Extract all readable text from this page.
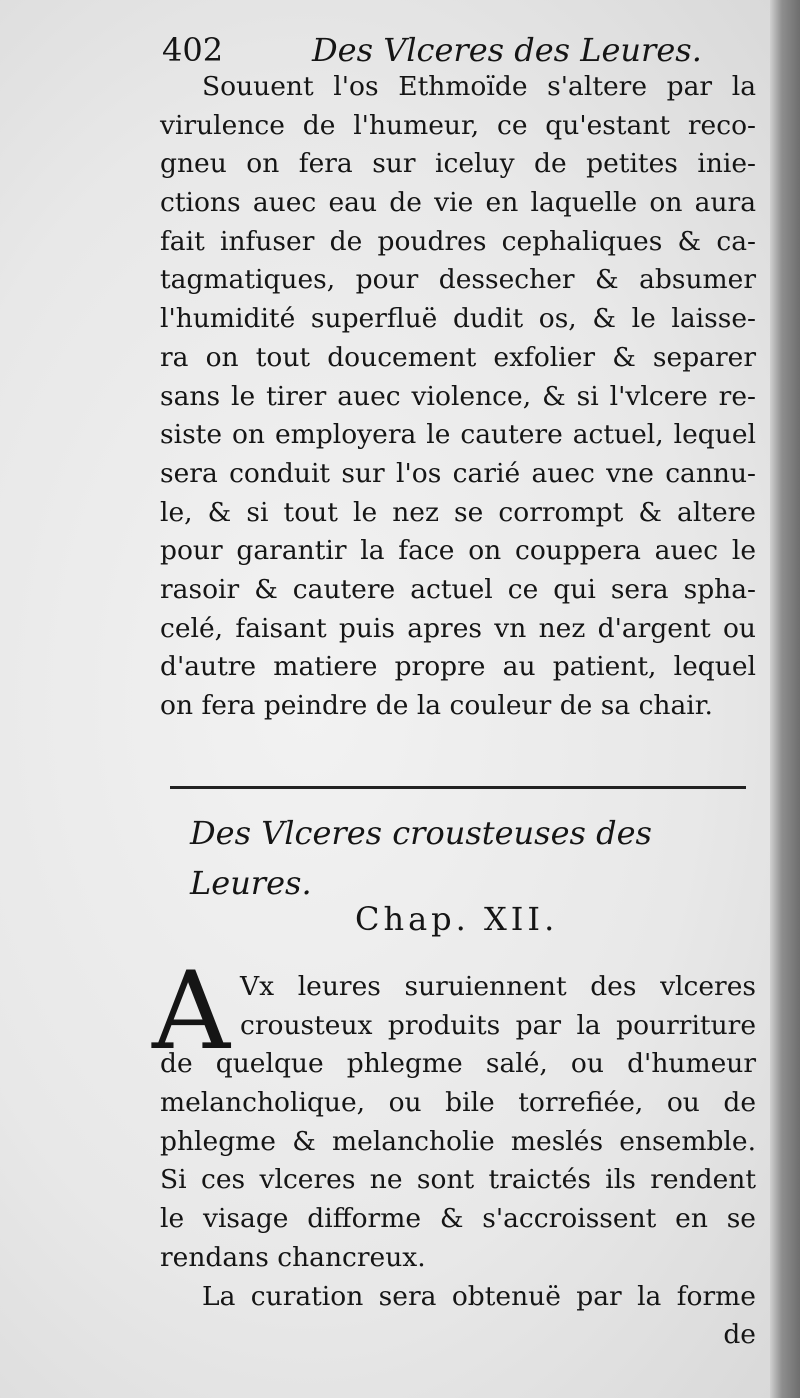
402	Des Vlceres des Leures.
Souuent l'os Ethmoïde s'altere par la
virulence de l'humeur, ce qu'estant reco-
gneu on fera sur iceluy de petites inie-
ctions auec eau de vie en laquelle on aura
fait infuser de poudres cephaliques & ca-
tagmatiques, pour dessecher & absumer
l'humidité superfluë dudit os, & le laisse-
ra on tout doucement exfolier & separer
sans le tirer auec violence, & si l'vlcere re-
siste on employera le cautere actuel, lequel
sera conduit sur l'os carié auec vne cannu-
le, & si tout le nez se corrompt & altere
pour garantir la face on couppera auec le
rasoir & cautere actuel ce qui sera spha-
celé, faisant puis apres vn nez d'argent ou
d'autre matiere propre au patient, lequel
on fera peindre de la couleur de sa chair.
Des Vlceres crousteuses des Leures.
Chap. XII.
A Vx leures suruiennent des vlceres
crousteux produits par la pourriture
de quelque phlegme salé, ou d'humeur
melancholique, ou bile torrefiée, ou de
phlegme & melancholie meslés ensemble.
Si ces vlceres ne sont traictés ils rendent
le visage difforme & s'accroissent en se
rendans chancreux.
La curation sera obtenuë par la forme
de
